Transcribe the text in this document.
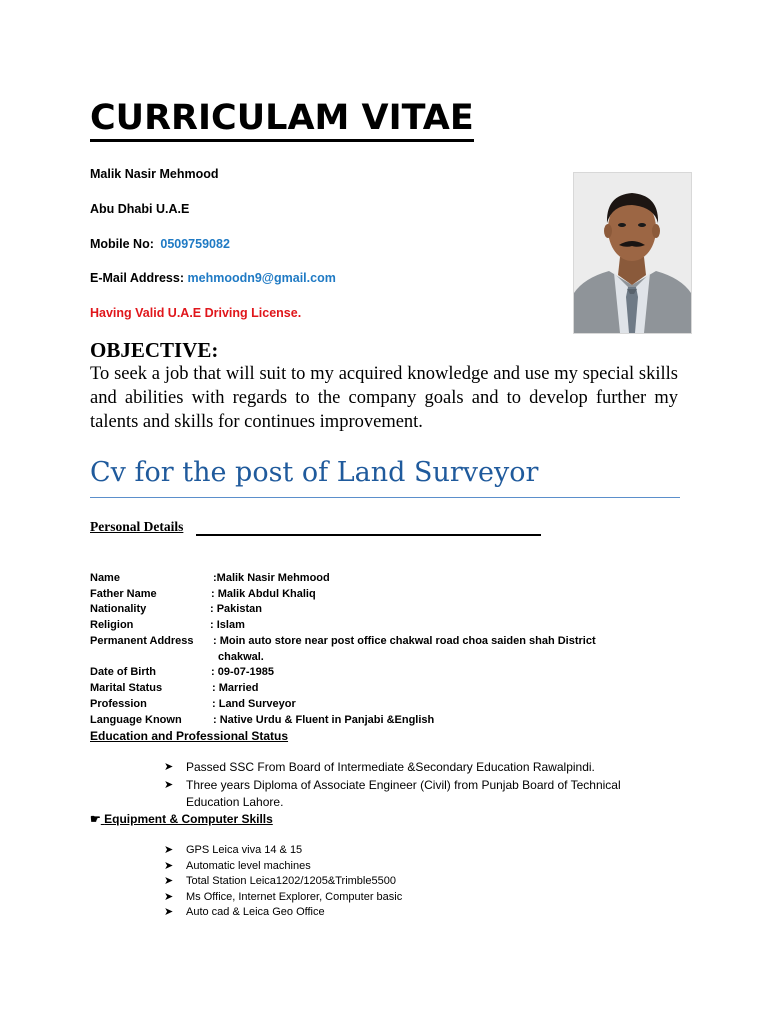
CURRICULAM VITAE
Malik Nasir Mehmood
Abu Dhabi U.A.E
Mobile No: 0509759082
E-Mail Address: mehmoodn9@gmail.com
Having Valid U.A.E Driving License.
OBJECTIVE:
To seek a job that will suit to my acquired knowledge and use my special skills and abilities with regards to the company goals and to develop further my talents and skills for continues improvement.
Cv for the post of Land Surveyor
Personal Details
Name	:Malik Nasir Mehmood
Father Name	: Malik Abdul Khaliq
Nationality	: Pakistan
Religion	: Islam
Permanent Address : Moin auto store near post office chakwal road choa saiden shah District
chakwal.
Date of Birth	: 09-07-1985
Marital Status	: Married
Profession	: Land Surveyor
Language Known	: Native Urdu & Fluent in Panjabi &English
Education and Professional Status
➤ Passed SSC From Board of Intermediate &Secondary Education Rawalpindi.
➤ Three years Diploma of Associate Engineer (Civil) from Punjab Board of Technical Education Lahore.
☛ Equipment & Computer Skills
➤ GPS Leica viva 14 & 15
➤ Automatic level machines
➤ Total Station Leica1202/1205&Trimble5500
➤ Ms Office, Internet Explorer, Computer basic
➤ Auto cad & Leica Geo Office
